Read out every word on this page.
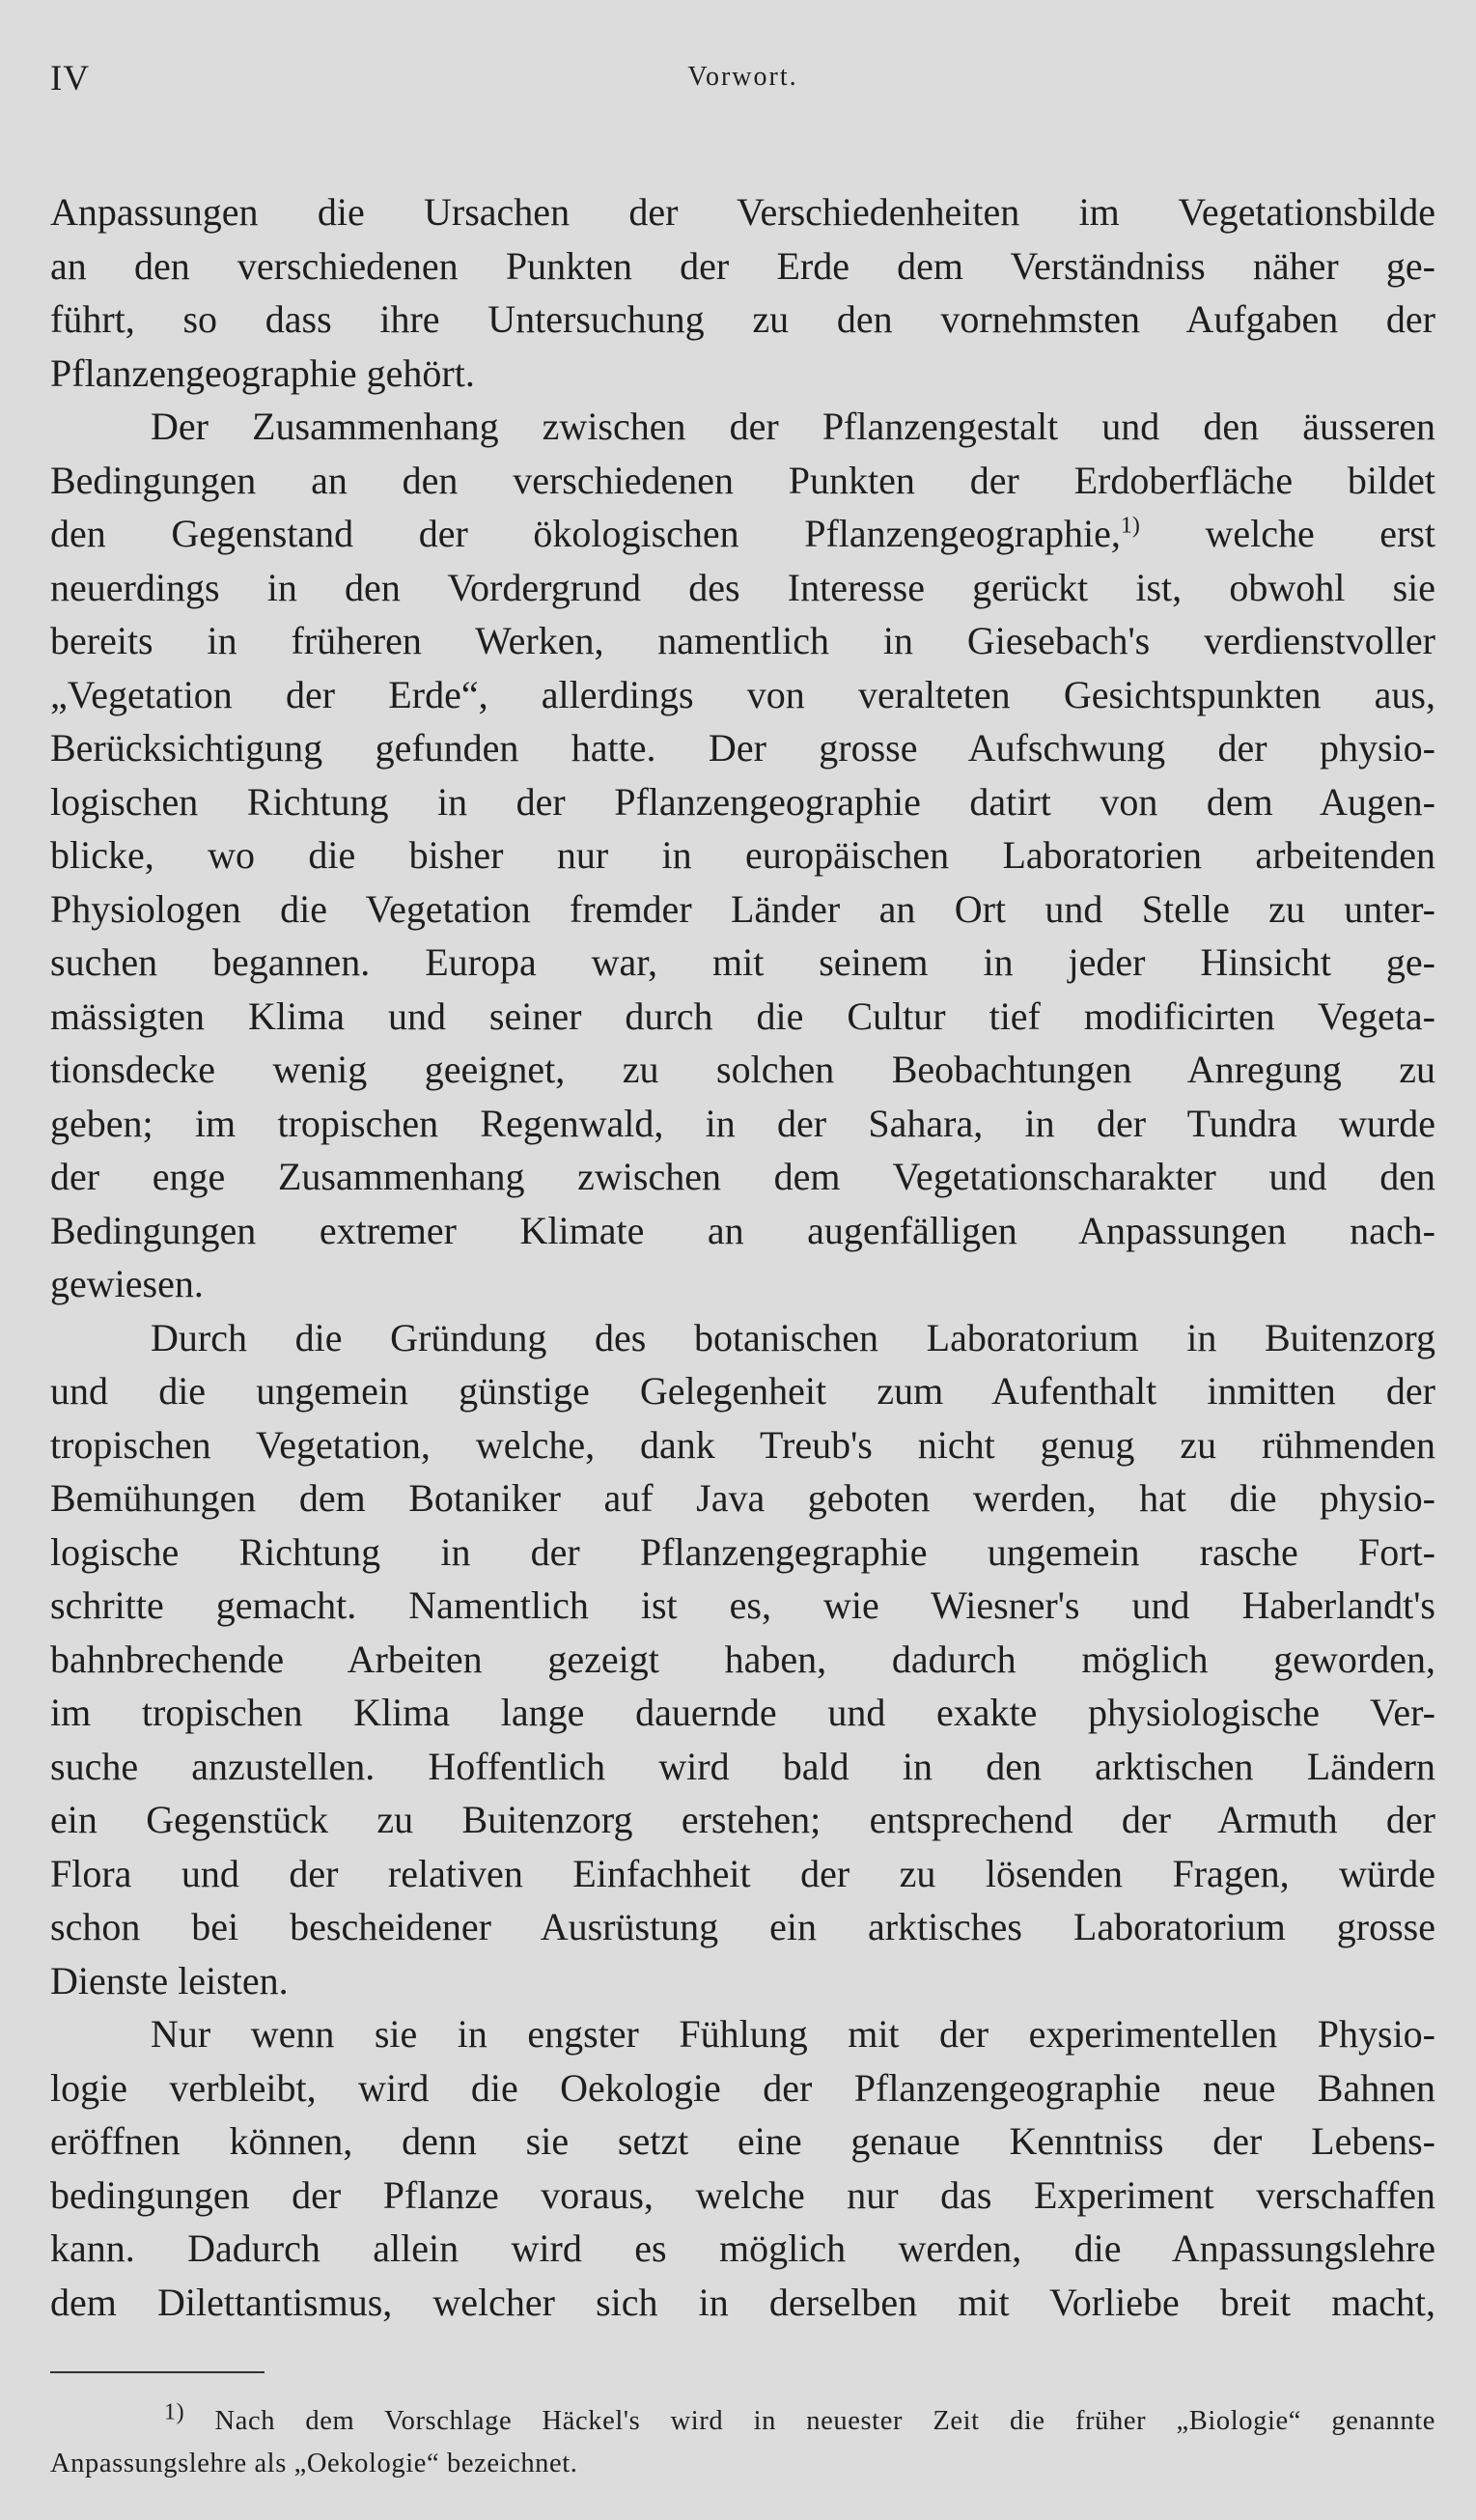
IV	Vorwort.
Anpassungen die Ursachen der Verschiedenheiten im Vegetationsbilde
an den verschiedenen Punkten der Erde dem Verständniss näher ge-
führt, so dass ihre Untersuchung zu den vornehmsten Aufgaben der
Pflanzengeographie gehört.
Der Zusammenhang zwischen der Pflanzengestalt und den äusseren
Bedingungen an den verschiedenen Punkten der Erdoberfläche bildet
den Gegenstand der ökologischen Pflanzengeographie,$^{1)}$ welche erst
neuerdings in den Vordergrund des Interesse gerückt ist, obwohl sie
bereits in früheren Werken, namentlich in Giesebach's verdienstvoller
„Vegetation der Erde“, allerdings von veralteten Gesichtspunkten aus,
Berücksichtigung gefunden hatte. Der grosse Aufschwung der physio-
logischen Richtung in der Pflanzengeographie datirt von dem Augen-
blicke, wo die bisher nur in europäischen Laboratorien arbeitenden
Physiologen die Vegetation fremder Länder an Ort und Stelle zu unter-
suchen begannen. Europa war, mit seinem in jeder Hinsicht ge-
mässigten Klima und seiner durch die Cultur tief modificirten Vegeta-
tionsdecke wenig geeignet, zu solchen Beobachtungen Anregung zu
geben; im tropischen Regenwald, in der Sahara, in der Tundra wurde
der enge Zusammenhang zwischen dem Vegetationscharakter und den
Bedingungen extremer Klimate an augenfälligen Anpassungen nach-
gewiesen.
Durch die Gründung des botanischen Laboratorium in Buitenzorg
und die ungemein günstige Gelegenheit zum Aufenthalt inmitten der
tropischen Vegetation, welche, dank Treub's nicht genug zu rühmenden
Bemühungen dem Botaniker auf Java geboten werden, hat die physio-
logische Richtung in der Pflanzengegraphie ungemein rasche Fort-
schritte gemacht. Namentlich ist es, wie Wiesner's und Haberlandt's
bahnbrechende Arbeiten gezeigt haben, dadurch möglich geworden,
im tropischen Klima lange dauernde und exakte physiologische Ver-
suche anzustellen. Hoffentlich wird bald in den arktischen Ländern
ein Gegenstück zu Buitenzorg erstehen; entsprechend der Armuth der
Flora und der relativen Einfachheit der zu lösenden Fragen, würde
schon bei bescheidener Ausrüstung ein arktisches Laboratorium grosse
Dienste leisten.
Nur wenn sie in engster Fühlung mit der experimentellen Physio-
logie verbleibt, wird die Oekologie der Pflanzengeographie neue Bahnen
eröffnen können, denn sie setzt eine genaue Kenntniss der Lebens-
bedingungen der Pflanze voraus, welche nur das Experiment verschaffen
kann. Dadurch allein wird es möglich werden, die Anpassungslehre
dem Dilettantismus, welcher sich in derselben mit Vorliebe breit macht,
$^{1)}$ Nach dem Vorschlage Häckel's wird in neuester Zeit die früher „Biologie“ genannte
Anpassungslehre als „Oekologie“ bezeichnet.
